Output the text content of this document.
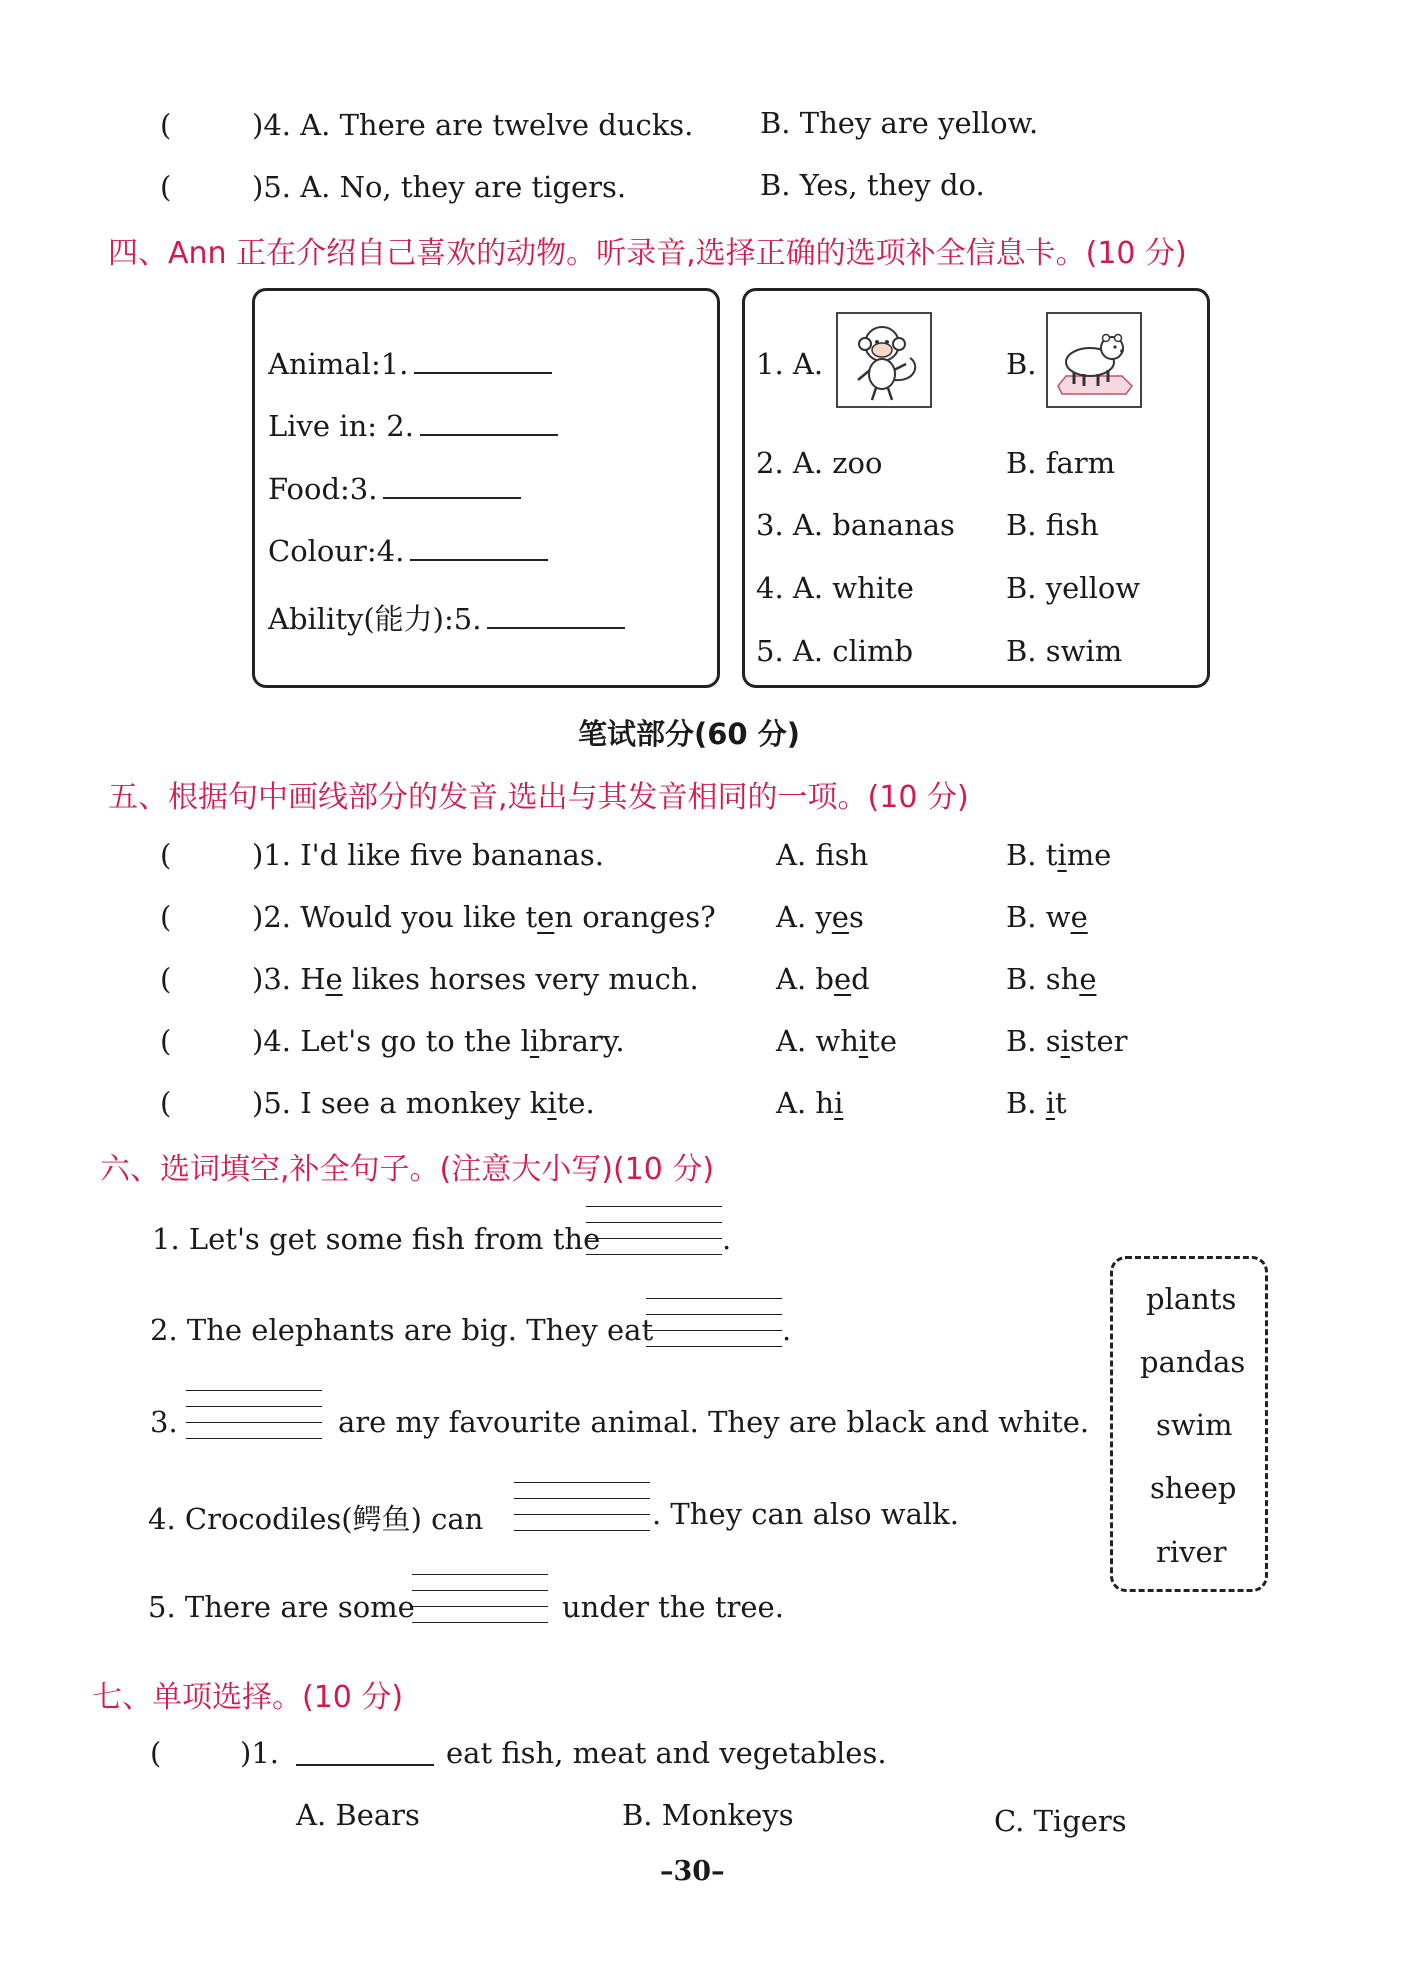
(	)4. A. There are twelve ducks. B. They are yellow.
(	)5. A. No, they are tigers.	B. Yes, they do.
四、Ann 正在介绍自己喜欢的动物。听录音,选择正确的选项补全信息卡。(10 分)
Animal:1.
Live in: 2.
Food:3.
Colour:4.
Ability(能力):5.
1. A.	B.
2. A. zoo	B. farm
3. A. bananas B. fish
4. A. white	B. yellow
5. A. climb	B. swim
笔试部分(60 分)
五、根据句中画线部分的发音,选出与其发音相同的一项。(10 分)
(	)1. I'd like fve bananas.	A. fsh	B. time
(	)2. Would you like ten oranges? A. yes	B. we
(	)3. He likes horses very much.	A. bed	B. she
(	)4. Let's go to the library.	A. white	B. sister
(	)5. I see a monkey kite.	A. hi	B. it
六、选词填空,补全句子。(注意大小写)(10 分)
1. Let's get some fish from the	.
2. The elephants are big. They eat	.
3.	are my favourite animal. They are black and white.
4. Crocodiles(鳄鱼) can	. They can also walk.
5. There are some	under the tree.
plants
pandas
swim
sheep
river
七、单项选择。(10 分)
(	)1.	eat fish, meat and vegetables.
A. Bears	B. Monkeys	C. Tigers
–30–
